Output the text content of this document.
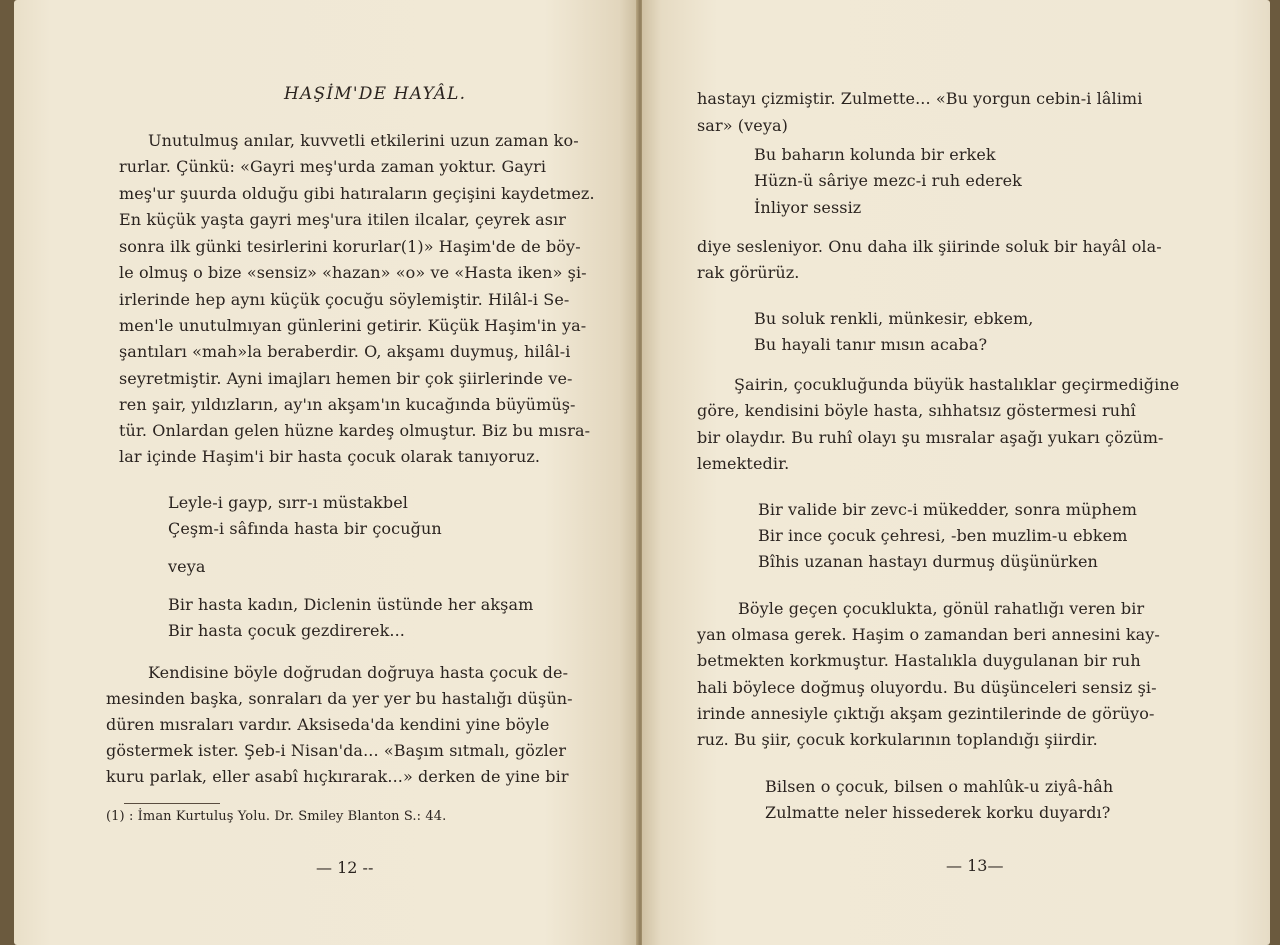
HAŞİM'DE HAYÂL.
Unutulmuş anılar, kuvvetli etkilerini uzun zaman ko-
rurlar. Çünkü: «Gayri meş'urda zaman yoktur. Gayri
meş'ur şuurda olduğu gibi hatıraların geçişini kaydetmez.
En küçük yaşta gayri meş'ura itilen ilcalar, çeyrek asır
sonra ilk günki tesirlerini korurlar(1)» Haşim'de de böy-
le olmuş o bize «sensiz» «hazan» «o» ve «Hasta iken» şi-
irlerinde hep aynı küçük çocuğu söylemiştir. Hilâl-i Se-
men'le unutulmıyan günlerini getirir. Küçük Haşim'in ya-
şantıları «mah»la beraberdir. O, akşamı duymuş, hilâl-i
seyretmiştir. Ayni imajları hemen bir çok şiirlerinde ve-
ren şair, yıldızların, ay'ın akşam'ın kucağında büyümüş-
tür. Onlardan gelen hüzne kardeş olmuştur. Biz bu mısra-
lar içinde Haşim'i bir hasta çocuk olarak tanıyoruz.
Leyle-i gayp, sırr-ı müstakbel
Çeşm-i sâfında hasta bir çocuğun
veya
Bir hasta kadın, Diclenin üstünde her akşam
Bir hasta çocuk gezdirerek...
Kendisine böyle doğrudan doğruya hasta çocuk de-
mesinden başka, sonraları da yer yer bu hastalığı düşün-
düren mısraları vardır. Aksiseda'da kendini yine böyle
göstermek ister. Şeb-i Nisan'da... «Başım sıtmalı, gözler
kuru parlak, eller asabî hıçkırarak...» derken de yine bir
(1) : İman Kurtuluş Yolu. Dr. Smiley Blanton S.: 44.
— 12 --
hastayı çizmiştir. Zulmette... «Bu yorgun cebin-i lâlimi
sar» (veya)
Bu baharın kolunda bir erkek
Hüzn-ü sâriye mezc-i ruh ederek
İnliyor sessiz
diye sesleniyor. Onu daha ilk şiirinde soluk bir hayâl ola-
rak görürüz.
Bu soluk renkli, münkesir, ebkem,
Bu hayali tanır mısın acaba?
Şairin, çocukluğunda büyük hastalıklar geçirmediğine
göre, kendisini böyle hasta, sıhhatsız göstermesi ruhî
bir olaydır. Bu ruhî olayı şu mısralar aşağı yukarı çözüm-
lemektedir.
Bir valide bir zevc-i mükedder, sonra müphem
Bir ince çocuk çehresi, -ben muzlim-u ebkem
Bîhis uzanan hastayı durmuş düşünürken
Böyle geçen çocuklukta, gönül rahatlığı veren bir
yan olmasa gerek. Haşim o zamandan beri annesini kay-
betmekten korkmuştur. Hastalıkla duygulanan bir ruh
hali böylece doğmuş oluyordu. Bu düşünceleri sensiz şi-
irinde annesiyle çıktığı akşam gezintilerinde de görüyo-
ruz. Bu şiir, çocuk korkularının toplandığı şiirdir.
Bilsen o çocuk, bilsen o mahlûk-u ziyâ-hâh
Zulmatte neler hissederek korku duyardı?
— 13—
